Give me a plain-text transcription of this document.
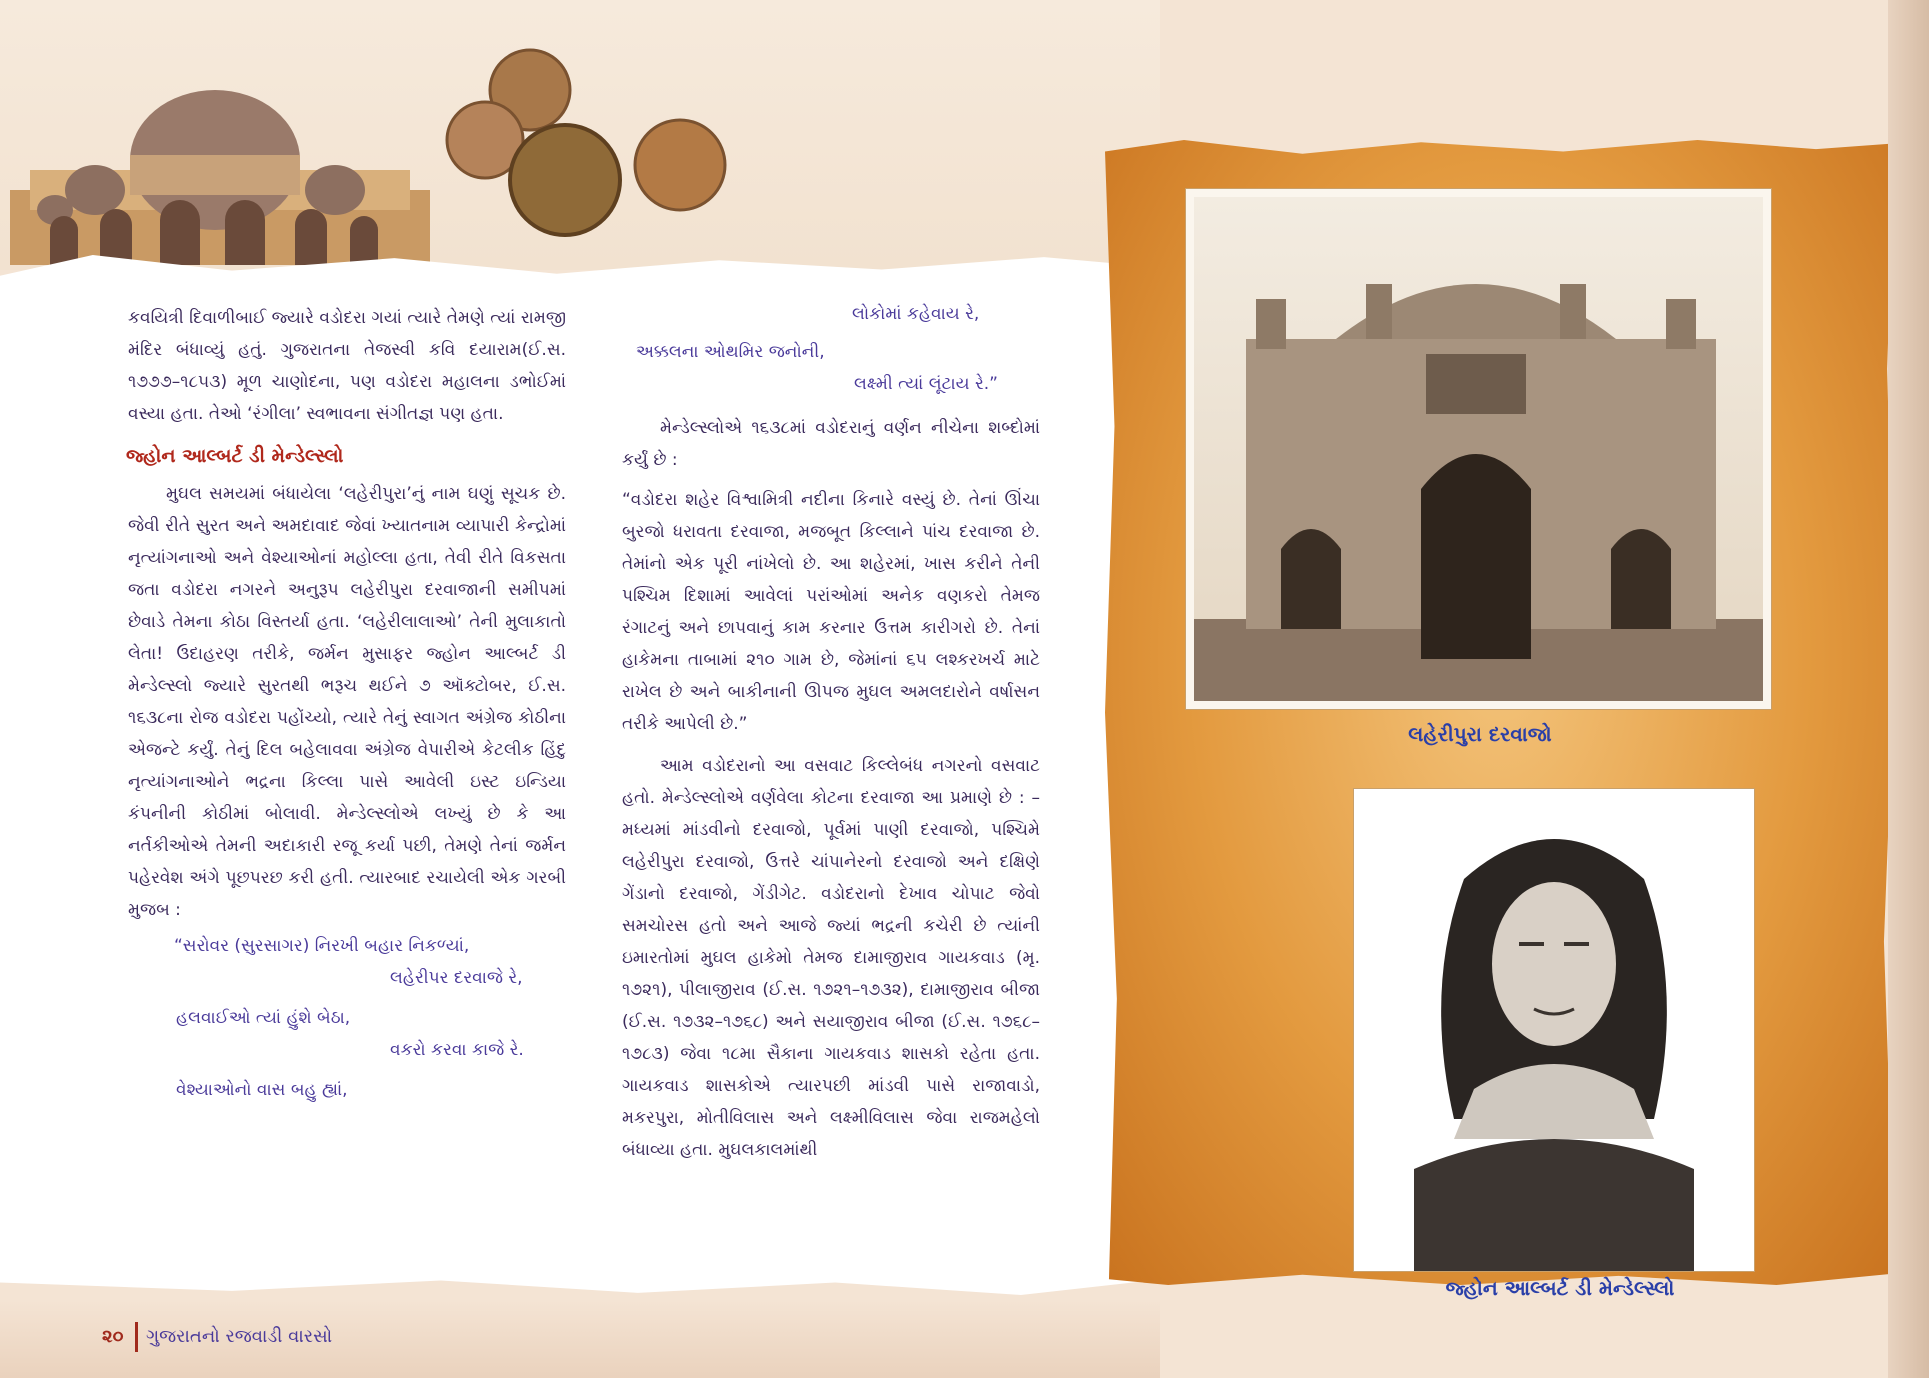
કવયિત્રી દિવાળીબાઈ જ્યારે વડોદરા ગયાં ત્યારે તેમણે ત્યાં રામજી મંદિર બંધાવ્યું હતું. ગુજરાતના તેજસ્વી કવિ દયારામ(ઈ.સ. ૧૭૭૭–૧૮૫૩) મૂળ ચાણોદના, પણ વડોદરા મહાલના ડભોઈમાં વસ્યા હતા. તેઓ ‘રંગીલા’ સ્વભાવના સંગીતજ્ઞ પણ હતા.

જ્હોન આલ્બર્ટ ડી મેન્ડેલ્સ્લો

મુઘલ સમયમાં બંધાયેલા ‘લહેરીપુરા’નું નામ ઘણું સૂચક છે. જેવી રીતે સુરત અને અમદાવાદ જેવાં ખ્યાતનામ વ્યાપારી કેન્દ્રોમાં નૃત્યાંગનાઓ અને વેશ્યાઓનાં મહોલ્લા હતા, તેવી રીતે વિકસતા જતા વડોદરા નગરને અનુરૂપ લહેરીપુરા દરવાજાની સમીપમાં છેવાડે તેમના કોઠા વિસ્તર્યા હતા. ‘લહેરીલાલાઓ’ તેની મુલાકાતો લેતા! ઉદાહરણ તરીકે, જર્મન મુસાફર જ્હોન આલ્બર્ટ ડી મેન્ડેલ્સ્લો જ્યારે સુરતથી ભરૂચ થઈને ૭ ઑક્ટોબર, ઈ.સ. ૧૬૩૮ના રોજ વડોદરા પહોંચ્યો, ત્યારે તેનું સ્વાગત અંગ્રેજ કોઠીના એજન્ટે કર્યું. તેનું દિલ બહેલાવવા અંગ્રેજ વેપારીએ કેટલીક હિંદુ નૃત્યાંગનાઓને ભદ્રના કિલ્લા પાસે આવેલી ઇસ્ટ ઇન્ડિયા કંપનીની કોઠીમાં બોલાવી. મેન્ડેલ્સ્લોએ લખ્યું છે કે આ નર્તકીઓએ તેમની અદાકારી રજૂ કર્યા પછી, તેમણે તેનાં જર્મન પહેરવેશ અંગે પૂછપરછ કરી હતી. ત્યારબાદ રચાયેલી એક ગરબી મુજબ :

“સરોવર (સુરસાગર) નિરખી બહાર નિકળ્યાં,
લહેરીપર દરવાજે રે,
હલવાઈઓ ત્યાં હુંશે બેઠા,
વકરો કરવા કાજે રે.
વેશ્યાઓનો વાસ બહુ હ્યાં,
લોકોમાં કહેવાય રે,
અક્કલના ઓથમિર જનોની,
લક્ષ્મી ત્યાં લૂંટાય રે.”

મેન્ડેલ્સ્લોએ ૧૬૩૮માં વડોદરાનું વર્ણન નીચેના શબ્દોમાં કર્યું છે :

“વડોદરા શહેર વિશ્વામિત્રી નદીના કિનારે વસ્યું છે. તેનાં ઊંચા બુરજો ધરાવતા દરવાજા, મજબૂત કિલ્લાને પાંચ દરવાજા છે. તેમાંનો એક પૂરી નાંખેલો છે. આ શહેરમાં, ખાસ કરીને તેની પશ્ચિમ દિશામાં આવેલાં પરાંઓમાં અનેક વણકરો તેમજ રંગાટનું અને છાપવાનું કામ કરનાર ઉત્તમ કારીગરો છે. તેનાં હાકેમના તાબામાં ૨૧૦ ગામ છે, જેમાંનાં ૬૫ લશ્કરખર્ચ માટે રાખેલ છે અને બાકીનાની ઊપજ મુઘલ અમલદારોને વર્ષાસન તરીકે આપેલી છે.”

આમ વડોદરાનો આ વસવાટ કિલ્લેબંધ નગરનો વસવાટ હતો. મેન્ડેલ્સ્લોએ વર્ણવેલા કોટના દરવાજા આ પ્રમાણે છે : – મધ્યમાં માંડવીનો દરવાજો, પૂર્વમાં પાણી દરવાજો, પશ્ચિમે લહેરીપુરા દરવાજો, ઉત્તરે ચાંપાનેરનો દરવાજો અને દક્ષિણે ગેંડાનો દરવાજો, ગેંડીગેટ. વડોદરાનો દેખાવ ચોપાટ જેવો સમચોરસ હતો અને આજે જ્યાં ભદ્રની કચેરી છે ત્યાંની ઇમારતોમાં મુઘલ હાકેમો તેમજ દામાજીરાવ ગાયકવાડ (મૃ. ૧૭૨૧), પીલાજીરાવ (ઈ.સ. ૧૭૨૧–૧૭૩૨), દામાજીરાવ બીજા (ઈ.સ. ૧૭૩૨–૧૭૬૮) અને સયાજીરાવ બીજા (ઈ.સ. ૧૭૬૮–૧૭૮૩) જેવા ૧૮મા સૈકાના ગાયકવાડ શાસકો રહેતા હતા. ગાયકવાડ શાસકોએ ત્યારપછી માંડવી પાસે રાજાવાડો, મકરપુરા, મોતીવિલાસ અને લક્ષ્મીવિલાસ જેવા રાજમહેલો બંધાવ્યા હતા. મુઘલકાલમાંથી

લહેરીપુરા દરવાજો
જ્હોન આલ્બર્ટ ડી મેન્ડેલ્સ્લો
૨૦ ગુજરાતનો રજવાડી વારસો
